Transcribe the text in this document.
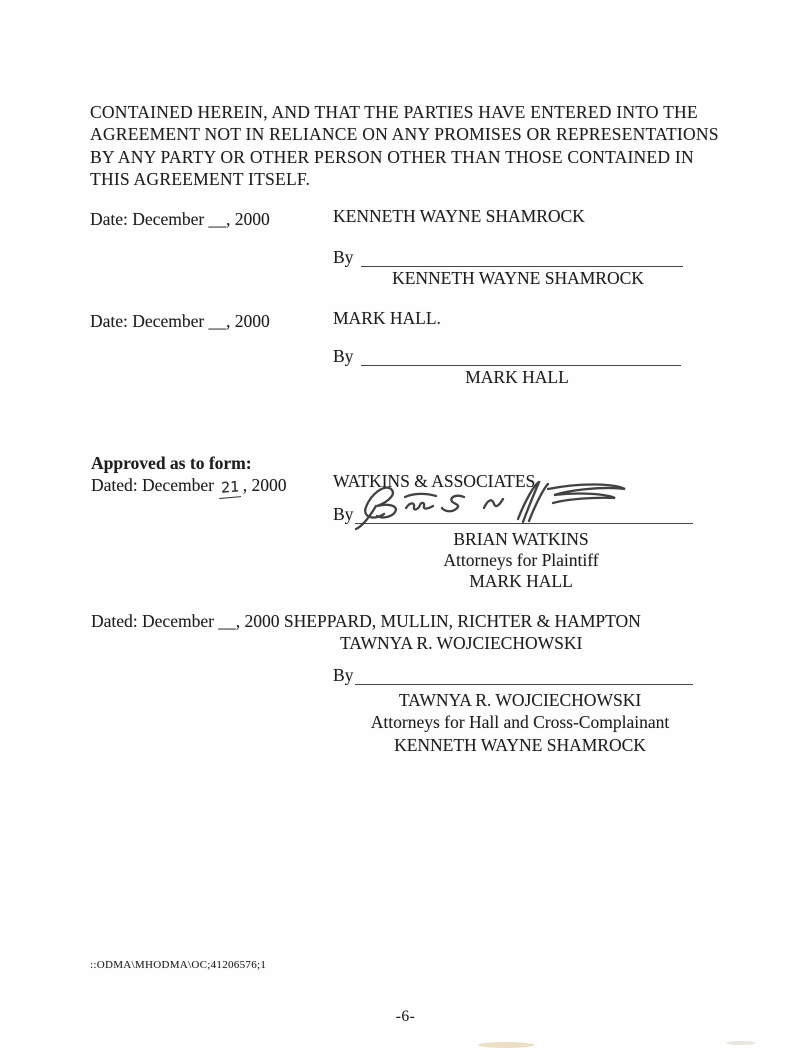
CONTAINED HEREIN, AND THAT THE PARTIES HAVE ENTERED INTO THE
AGREEMENT NOT IN RELIANCE ON ANY PROMISES OR REPRESENTATIONS
BY ANY PARTY OR OTHER PERSON OTHER THAN THOSE CONTAINED IN
THIS AGREEMENT ITSELF.
Date: December __, 2000	KENNETH WAYNE SHAMROCK
By
KENNETH WAYNE SHAMROCK
Date: December __, 2000	MARK HALL.
By
MARK HALL
Approved as to form:
Dated: December 21 , 2000	WATKINS & ASSOCIATES
By
BRIAN WATKINS
Attorneys for Plaintiff
MARK HALL
Dated: December __, 2000 SHEPPARD, MULLIN, RICHTER & HAMPTON
TAWNYA R. WOJCIECHOWSKI
By
TAWNYA R. WOJCIECHOWSKI
Attorneys for Hall and Cross-Complainant
KENNETH WAYNE SHAMROCK
::ODMA\MHODMA\OC;41206576;1
-6-
